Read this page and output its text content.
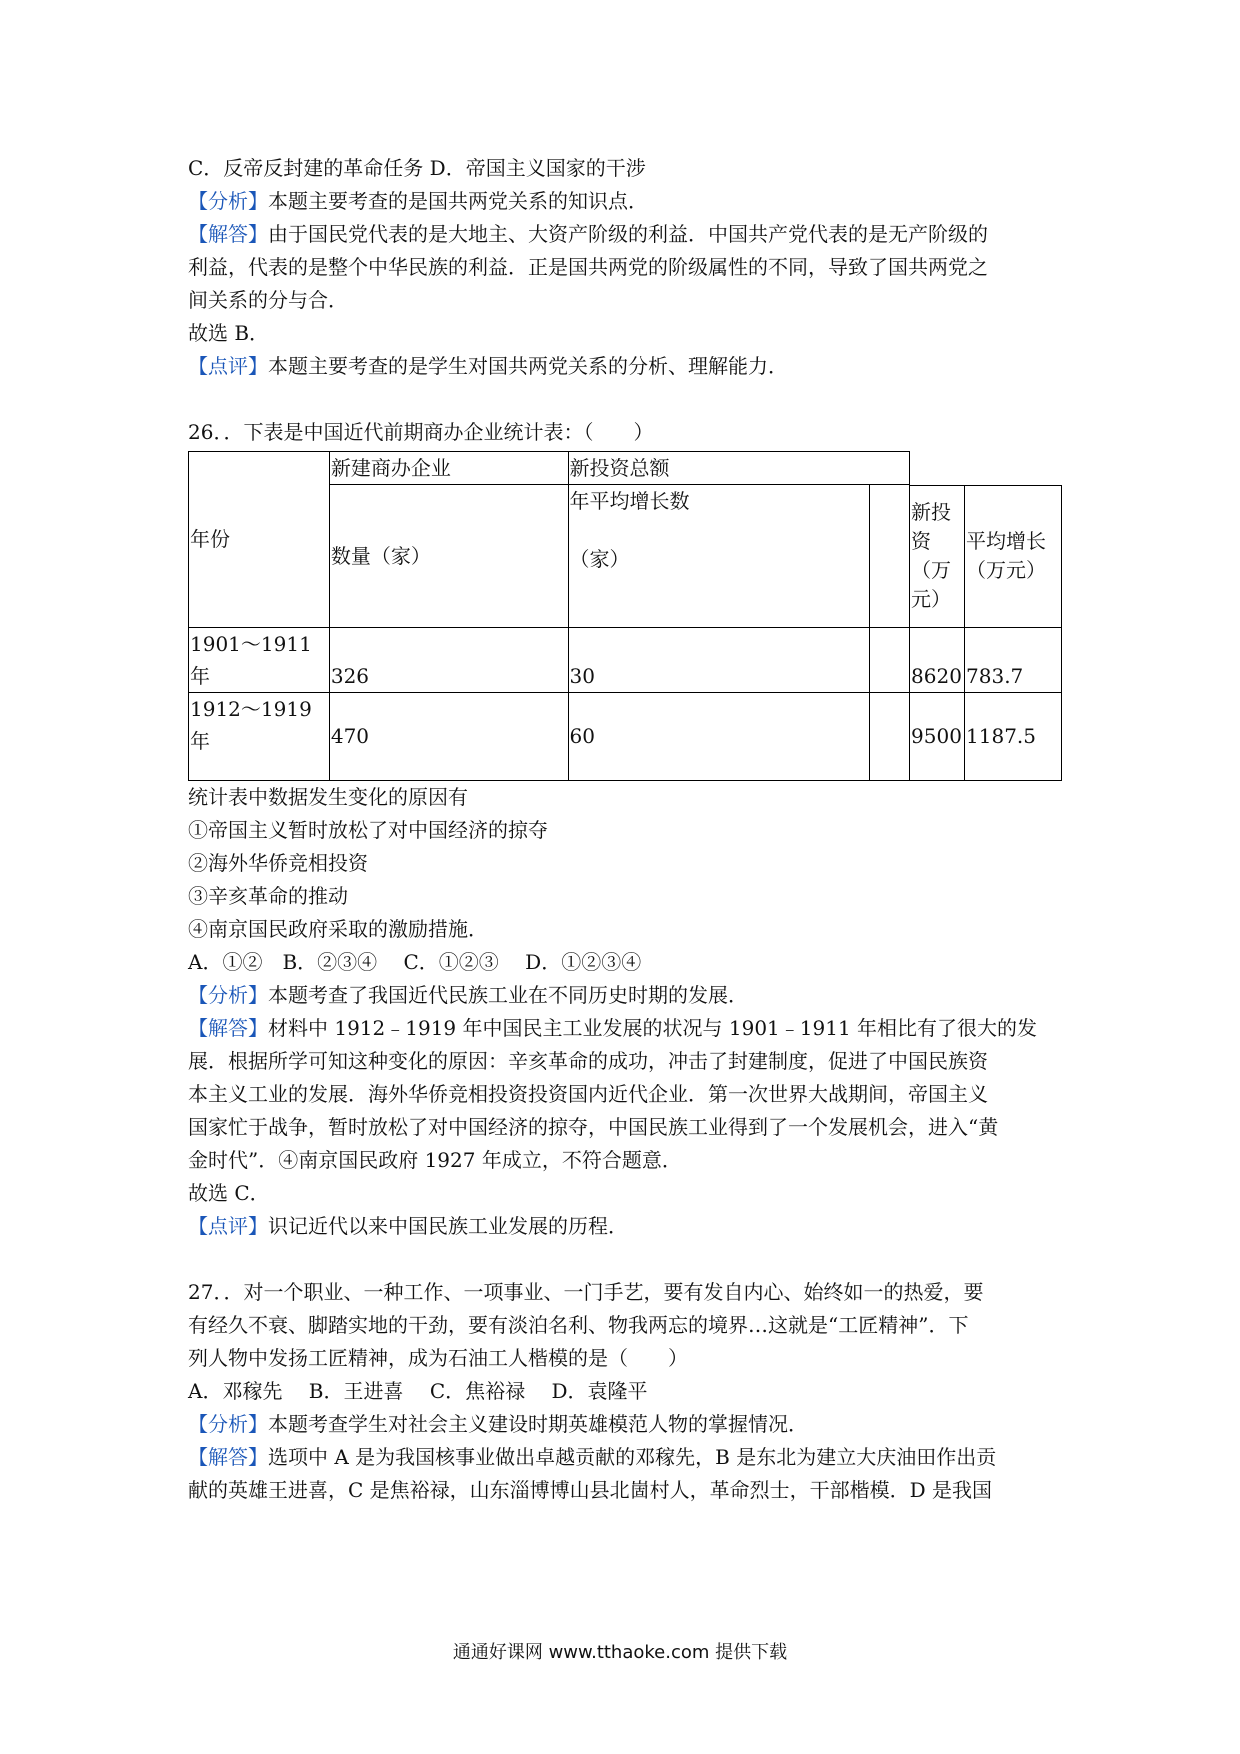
C．反帝反封建的革命任务 D．帝国主义国家的干涉

【分析】本题主要考查的是国共两党关系的知识点．

【解答】由于国民党代表的是大地主、大资产阶级的利益．中国共产党代表的是无产阶级的

利益，代表的是整个中华民族的利益．正是国共两党的阶级属性的不同，导致了国共两党之

间关系的分与合．

故选 B．

【点评】本题主要考查的是学生对国共两党关系的分析、理解能力．

26．．下表是中国近代前期商办企业统计表：（　　）

年份	新建商办企业	新投资总额			
	数量（家）	年平均增长数
（家）			

				新投资（万元）	平均增长（万元）
1901～1911 年	326	30		8620	783.7
1912～1919 年	470	60		9500	1187.5

统计表中数据发生变化的原因有

①帝国主义暂时放松了对中国经济的掠夺

②海外华侨竞相投资

③辛亥革命的推动

④南京国民政府采取的激励措施．

A．①②　B．②③④　 C．①②③　 D．①②③④

【分析】本题考查了我国近代民族工业在不同历史时期的发展．

【解答】材料中 1912﹣1919 年中国民主工业发展的状况与 1901﹣1911 年相比有了很大的发

展．根据所学可知这种变化的原因：辛亥革命的成功，冲击了封建制度，促进了中国民族资

本主义工业的发展．海外华侨竞相投资投资国内近代企业．第一次世界大战期间，帝国主义

国家忙于战争，暂时放松了对中国经济的掠夺，中国民族工业得到了一个发展机会，进入“黄

金时代”．④南京国民政府 1927 年成立，不符合题意．

故选 C．

【点评】识记近代以来中国民族工业发展的历程．

27．．对一个职业、一种工作、一项事业、一门手艺，要有发自内心、始终如一的热爱，要

有经久不衰、脚踏实地的干劲，要有淡泊名利、物我两忘的境界…这就是“工匠精神”．下

列人物中发扬工匠精神，成为石油工人楷模的是（　　）

A．邓稼先　 B．王进喜　 C．焦裕禄　 D．袁隆平

【分析】本题考查学生对社会主义建设时期英雄模范人物的掌握情况．

【解答】选项中 A 是为我国核事业做出卓越贡献的邓稼先，B 是东北为建立大庆油田作出贡

献的英雄王进喜，C 是焦裕禄，山东淄博博山县北崮村人，革命烈士，干部楷模．D 是我国

通通好课网 www.tthaoke.com 提供下载
